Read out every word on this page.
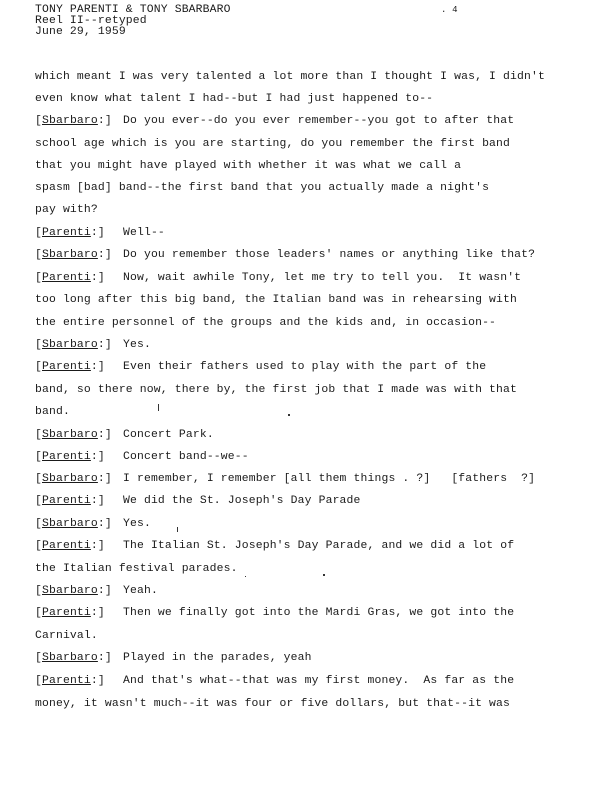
TONY PARENTI & TONY SBARBARO
Reel II--retyped
June 29, 1959
. 4
which meant I was very talented a lot more than I thought I was, I didn't
even know what talent I had--but I had just happened to--
[Sbarbaro:] Do you ever--do you ever remember--you got to after that
school age which is you are starting, do you remember the first band
that you might have played with whether it was what we call a
spasm [bad] band--the first band that you actually made a night's
pay with?
[Parenti:] Well--
[Sbarbaro:] Do you remember those leaders' names or anything like that?
[Parenti:] Now, wait awhile Tony, let me try to tell you.  It wasn't
too long after this big band, the Italian band was in rehearsing with
the entire personnel of the groups and the kids and, in occasion--
[Sbarbaro:] Yes.
[Parenti:] Even their fathers used to play with the part of the
band, so there now, there by, the first job that I made was with that
band.
[Sbarbaro:] Concert Park.
[Parenti:] Concert band--we--
[Sbarbaro:] I remember, I remember [all them things . ?]   [fathers  ?]
[Parenti:] We did the St. Joseph's Day Parade
[Sbarbaro:] Yes.
[Parenti:] The Italian St. Joseph's Day Parade, and we did a lot of
the Italian festival parades.
[Sbarbaro:] Yeah.
[Parenti:] Then we finally got into the Mardi Gras, we got into the
Carnival.
[Sbarbaro:] Played in the parades, yeah
[Parenti:] And that's what--that was my first money.  As far as the
money, it wasn't much--it was four or five dollars, but that--it was
